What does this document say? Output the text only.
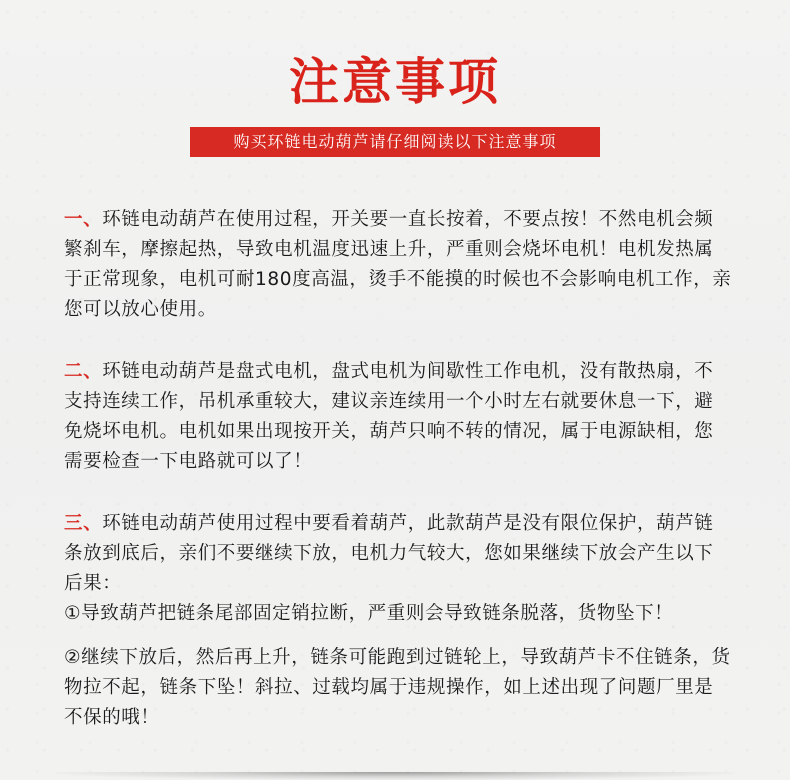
注意事项
购买环链电动葫芦请仔细阅读以下注意事项

一、环链电动葫芦在使用过程，开关要一直长按着，不要点按！不然电机会频繁刹车，摩擦起热，导致电机温度迅速上升，严重则会烧坏电机！电机发热属于正常现象，电机可耐180度高温，烫手不能摸的时候也不会影响电机工作，亲您可以放心使用。

二、环链电动葫芦是盘式电机，盘式电机为间歇性工作电机，没有散热扇，不支持连续工作，吊机承重较大，建议亲连续用一个小时左右就要休息一下，避免烧坏电机。电机如果出现按开关，葫芦只响不转的情况，属于电源缺相，您需要检查一下电路就可以了！

三、环链电动葫芦使用过程中要看着葫芦，此款葫芦是没有限位保护，葫芦链条放到底后，亲们不要继续下放，电机力气较大，您如果继续下放会产生以下后果：

①导致葫芦把链条尾部固定销拉断，严重则会导致链条脱落，货物坠下！

②继续下放后，然后再上升，链条可能跑到过链轮上，导致葫芦卡不住链条，货物拉不起，链条下坠！斜拉、过载均属于违规操作，如上述出现了问题厂里是不保的哦！
